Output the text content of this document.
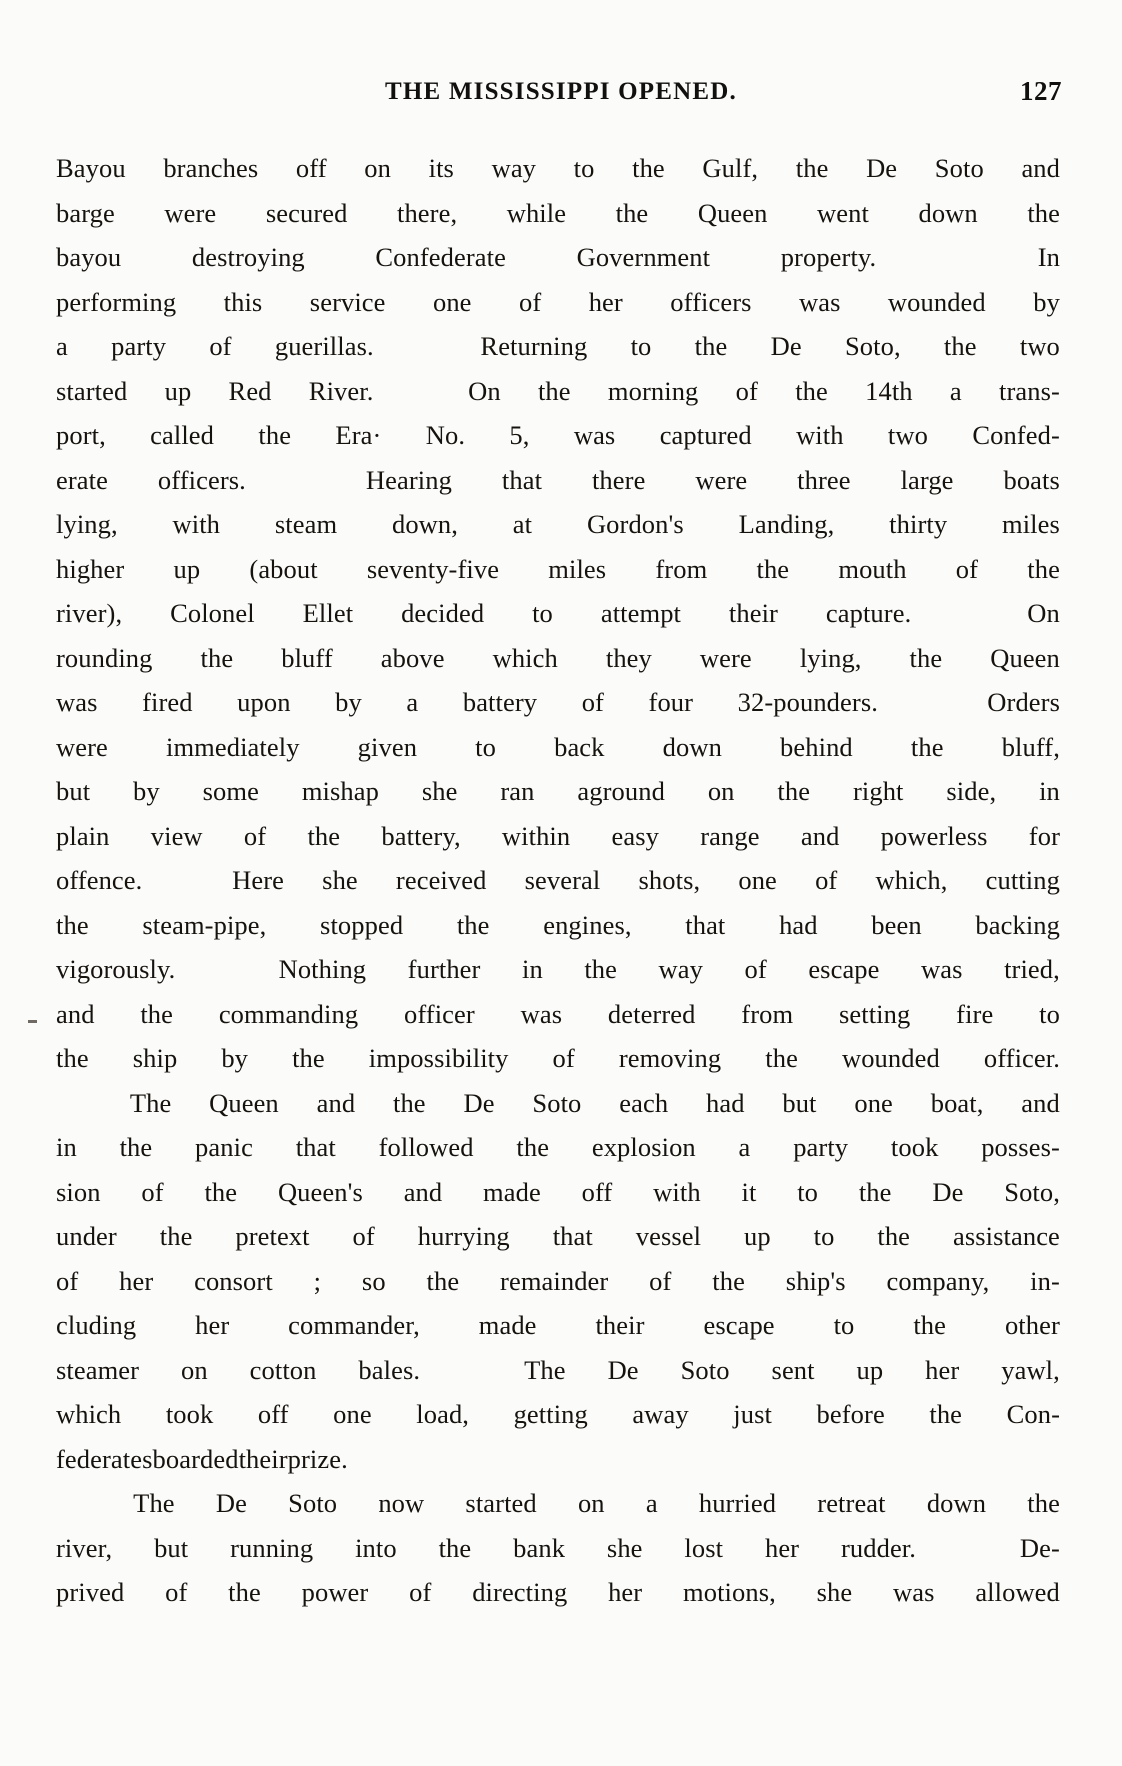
THE MISSISSIPPI OPENED.	127
Bayou branches off on its way to the Gulf, the De Soto and
barge were secured there, while the Queen went down the
bayou	destroying	Confederate	Government	property.
	In
performing this service one of her officers was wounded by
a party of guerillas.
	Returning to the De Soto, the two
started up Red River.
	On the morning of the 14th a trans-
port, called the Era· No. 5, was captured with two Confed-
erate officers.
	Hearing that there were three large boats
lying, with steam down, at Gordon's Landing, thirty miles
higher up (about seventy-five miles from the mouth of the
river), Colonel Ellet decided to attempt their capture.
	On
rounding the bluff above which they were lying, the Queen
was fired upon by a battery of four 32-pounders.
	Orders
were immediately given to back down behind the bluff,
but by some mishap she ran aground on the right side, in
plain view of the battery, within easy range and powerless for
offence.
	Here she received several shots, one of which, cutting
the steam-pipe, stopped the engines, that had been backing
vigorously.
	Nothing further in the way of escape was tried,
and the commanding officer was deterred from setting fire to
the ship by the impossibility of removing the wounded officer.
The Queen and the De Soto each had but one boat, and
in the panic that followed the explosion a party took posses-
sion of the Queen's and made off with it to the De Soto,
under the pretext of hurrying that vessel up to the assistance
of her consort ; so the remainder of the ship's company, in-
cluding her commander, made their escape to the other
steamer on cotton bales.
	The De Soto sent up her yawl,
which took off one load, getting away just before the Con-
federates boarded their prize.
The De Soto now started on a hurried retreat down the
river, but running into the bank she lost her rudder.
	De-
prived of the power of directing her motions, she was allowed
